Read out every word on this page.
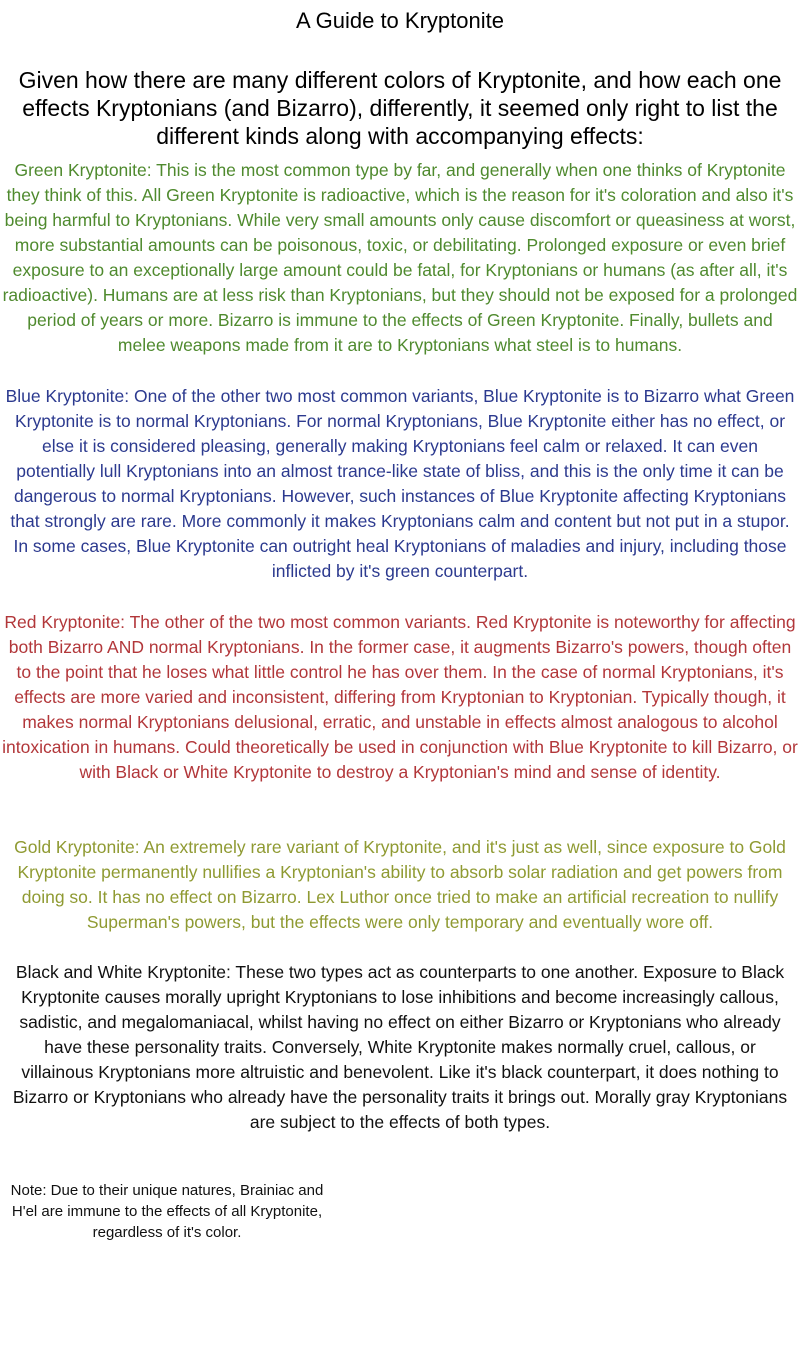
A Guide to Kryptonite
Given how there are many different colors of Kryptonite, and how each one effects Kryptonians (and Bizarro), differently, it seemed only right to list the different kinds along with accompanying effects:

Green Kryptonite: This is the most common type by far, and generally when one thinks of Kryptonite they think of this. All Green Kryptonite is radioactive, which is the reason for it's coloration and also it's being harmful to Kryptonians. While very small amounts only cause discomfort or queasiness at worst, more substantial amounts can be poisonous, toxic, or debilitating. Prolonged exposure or even brief exposure to an exceptionally large amount could be fatal, for Kryptonians or humans (as after all, it's radioactive). Humans are at less risk than Kryptonians, but they should not be exposed for a prolonged period of years or more. Bizarro is immune to the effects of Green Kryptonite. Finally, bullets and melee weapons made from it are to Kryptonians what steel is to humans.

Blue Kryptonite: One of the other two most common variants, Blue Kryptonite is to Bizarro what Green Kryptonite is to normal Kryptonians. For normal Kryptonians, Blue Kryptonite either has no effect, or else it is considered pleasing, generally making Kryptonians feel calm or relaxed. It can even potentially lull Kryptonians into an almost trance-like state of bliss, and this is the only time it can be dangerous to normal Kryptonians. However, such instances of Blue Kryptonite affecting Kryptonians that strongly are rare. More commonly it makes Kryptonians calm and content but not put in a stupor. In some cases, Blue Kryptonite can outright heal Kryptonians of maladies and injury, including those inflicted by it's green counterpart.

Red Kryptonite: The other of the two most common variants. Red Kryptonite is noteworthy for affecting both Bizarro AND normal Kryptonians. In the former case, it augments Bizarro's powers, though often to the point that he loses what little control he has over them. In the case of normal Kryptonians, it's effects are more varied and inconsistent, differing from Kryptonian to Kryptonian. Typically though, it makes normal Kryptonians delusional, erratic, and unstable in effects almost analogous to alcohol intoxication in humans. Could theoretically be used in conjunction with Blue Kryptonite to kill Bizarro, or with Black or White Kryptonite to destroy a Kryptonian's mind and sense of identity.

Gold Kryptonite: An extremely rare variant of Kryptonite, and it's just as well, since exposure to Gold Kryptonite permanently nullifies a Kryptonian's ability to absorb solar radiation and get powers from doing so. It has no effect on Bizarro. Lex Luthor once tried to make an artificial recreation to nullify Superman's powers, but the effects were only temporary and eventually wore off.

Black and White Kryptonite: These two types act as counterparts to one another. Exposure to Black Kryptonite causes morally upright Kryptonians to lose inhibitions and become increasingly callous, sadistic, and megalomaniacal, whilst having no effect on either Bizarro or Kryptonians who already have these personality traits. Conversely, White Kryptonite makes normally cruel, callous, or villainous Kryptonians more altruistic and benevolent. Like it's black counterpart, it does nothing to Bizarro or Kryptonians who already have the personality traits it brings out. Morally gray Kryptonians are subject to the effects of both types.

Note: Due to their unique natures, Brainiac and H'el are immune to the effects of all Kryptonite, regardless of it's color.
